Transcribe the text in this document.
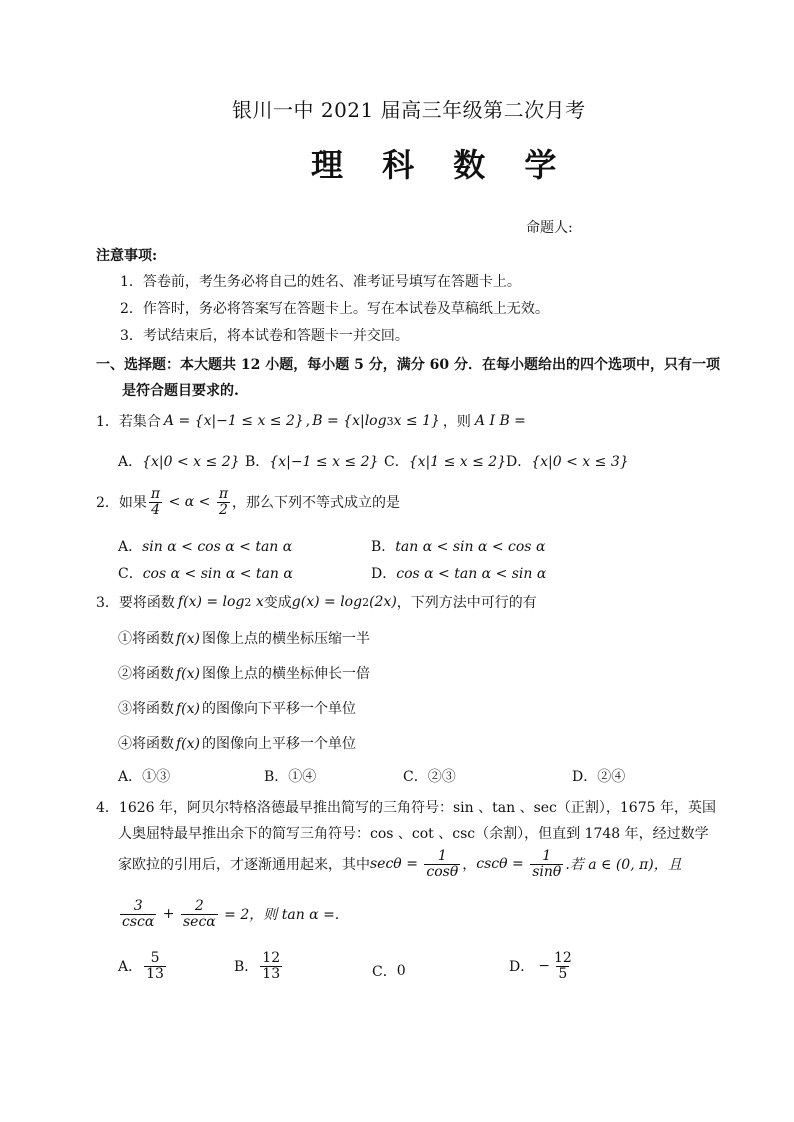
银川一中 2021 届高三年级第二次月考
理 科 数 学
命题人:
注意事项:
1．答卷前，考生务必将自己的姓名、准考证号填写在答题卡上。
2．作答时，务必将答案写在答题卡上。写在本试卷及草稿纸上无效。
3．考试结束后，将本试卷和答题卡一并交回。
一、选择题：本大题共 12 小题，每小题 5 分，满分 60 分．在每小题给出的四个选项中，只有一项
是符合题目要求的.
1． 若集合 A = {x|−1 ≤ x ≤ 2} , B = {x|log 3 x ≤ 1} ，则 A I B =
A．{x|0 < x ≤ 2} B．{x|−1 ≤ x ≤ 2} C．{x|1 ≤ x ≤ 2} D．{x|0 < x ≤ 3}
2． 如果 $\frac{\pi}{4} < \alpha < \frac{\pi}{2}$ ，那么下列不等式成立的是
A．sin α < cos α < tan α	B．tan α < sin α < cos α
C．cos α < sin α < tan α	D．cos α < tan α < sin α
3． 要将函数 f(x) = log 2 x 变成 g(x) = log 2 (2x) ，下列方法中可行的有
①将函数 f(x) 图像上点的横坐标压缩一半
②将函数 f(x) 图像上点的横坐标伸长一倍
③将函数 f(x) 的图像向下平移一个单位
④将函数 f(x) 的图像向上平移一个单位
A．①③	B．①④	C．②③	D．②④
4．1626 年，阿贝尔特格洛德最早推出简写的三角符号：sin 、tan 、sec（正割），1675 年，英国
人奥屈特最早推出余下的简写三角符号：cos 、cot 、csc（余割），但直到 1748 年，经过数学
家欧拉的引用后，才逐渐通用起来，其中 $\sec\theta = \frac{1}{\cos\theta}$ ， $\csc\theta = \frac{1}{\sin\theta}$ .若 a ∈ (0, π)，且
$\frac{3}{\csc\alpha} + \frac{2}{\sec\alpha} = 2$，则 tan α =.
A． $\frac{5}{13}$	B． $\frac{12}{13}$	C． 0	D． − $\frac{12}{5}$
